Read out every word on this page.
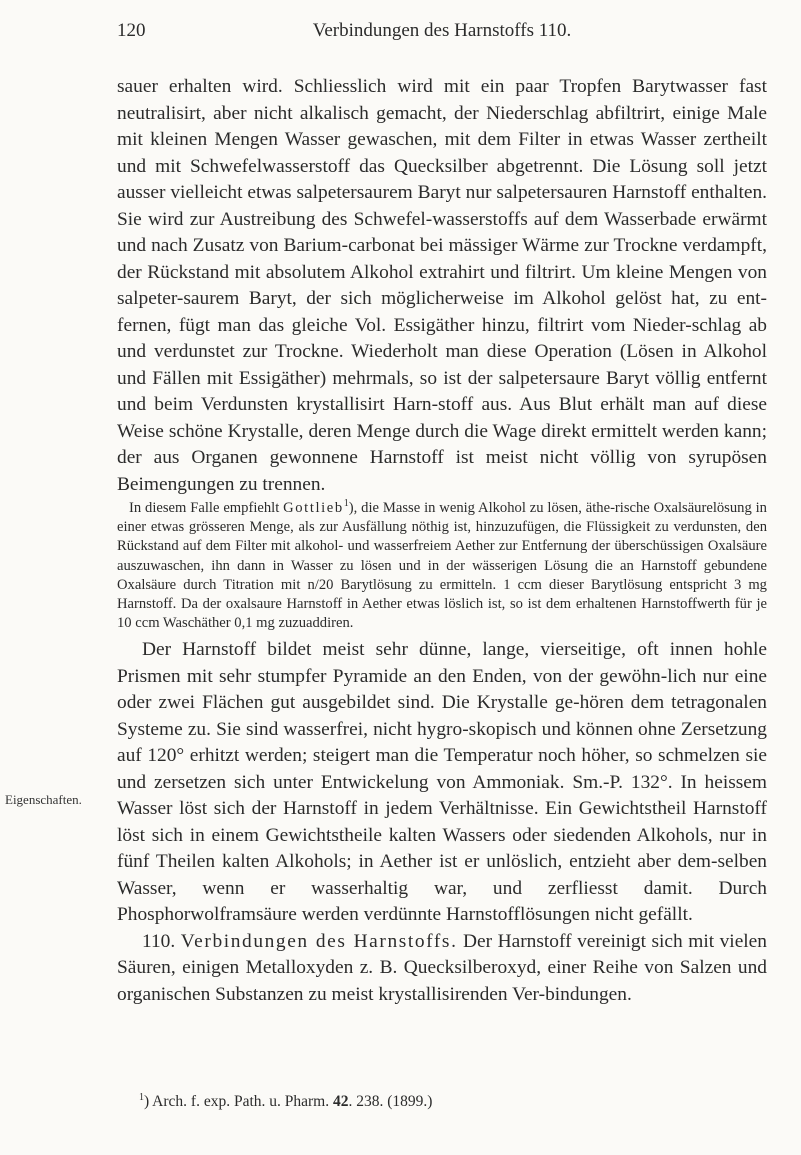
120	Verbindungen des Harnstoffs 110.
Eigenschaften.

sauer erhalten wird. Schliesslich wird mit ein paar Tropfen Barytwasser fast neutralisirt, aber nicht alkalisch gemacht, der Niederschlag abfiltrirt, einige Male mit kleinen Mengen Wasser gewaschen, mit dem Filter in etwas Wasser zertheilt und mit Schwefelwasserstoff das Quecksilber abgetrennt. Die Lösung soll jetzt ausser vielleicht etwas salpetersaurem Baryt nur salpetersauren Harnstoff enthalten. Sie wird zur Austreibung des Schwefel-wasserstoffs auf dem Wasserbade erwärmt und nach Zusatz von Barium-carbonat bei mässiger Wärme zur Trockne verdampft, der Rückstand mit absolutem Alkohol extrahirt und filtrirt. Um kleine Mengen von salpeter-saurem Baryt, der sich möglicherweise im Alkohol gelöst hat, zu ent-fernen, fügt man das gleiche Vol. Essigäther hinzu, filtrirt vom Nieder-schlag ab und verdunstet zur Trockne. Wiederholt man diese Operation (Lösen in Alkohol und Fällen mit Essigäther) mehrmals, so ist der salpetersaure Baryt völlig entfernt und beim Verdunsten krystallisirt Harn-stoff aus. Aus Blut erhält man auf diese Weise schöne Krystalle, deren Menge durch die Wage direkt ermittelt werden kann; der aus Organen gewonnene Harnstoff ist meist nicht völlig von syrupösen Beimengungen zu trennen.

In diesem Falle empfiehlt Gottlieb$^1$), die Masse in wenig Alkohol zu lösen, äthe-rische Oxalsäurelösung in einer etwas grösseren Menge, als zur Ausfällung nöthig ist, hinzuzufügen, die Flüssigkeit zu verdunsten, den Rückstand auf dem Filter mit alkohol- und wasserfreiem Aether zur Entfernung der überschüssigen Oxalsäure auszuwaschen, ihn dann in Wasser zu lösen und in der wässerigen Lösung die an Harnstoff gebundene Oxalsäure durch Titration mit n/20 Barytlösung zu ermitteln. 1 ccm dieser Barytlösung entspricht 3 mg Harnstoff. Da der oxalsaure Harnstoff in Aether etwas löslich ist, so ist dem erhaltenen Harnstoffwerth für je 10 ccm Waschäther 0,1 mg zuzuaddiren.

Der Harnstoff bildet meist sehr dünne, lange, vierseitige, oft innen hohle Prismen mit sehr stumpfer Pyramide an den Enden, von der gewöhn-lich nur eine oder zwei Flächen gut ausgebildet sind. Die Krystalle ge-hören dem tetragonalen Systeme zu. Sie sind wasserfrei, nicht hygro-skopisch und können ohne Zersetzung auf 120° erhitzt werden; steigert man die Temperatur noch höher, so schmelzen sie und zersetzen sich unter Entwickelung von Ammoniak. Sm.-P. 132°. In heissem Wasser löst sich der Harnstoff in jedem Verhältnisse. Ein Gewichtstheil Harnstoff löst sich in einem Gewichtstheile kalten Wassers oder siedenden Alkohols, nur in fünf Theilen kalten Alkohols; in Aether ist er unlöslich, entzieht aber dem-selben Wasser, wenn er wasserhaltig war, und zerfliesst damit. Durch Phosphorwolframsäure werden verdünnte Harnstofflösungen nicht gefällt.

110. Verbindungen des Harnstoffs. Der Harnstoff vereinigt sich mit vielen Säuren, einigen Metalloxyden z. B. Quecksilberoxyd, einer Reihe von Salzen und organischen Substanzen zu meist krystallisirenden Ver-bindungen.

$^1$) Arch. f. exp. Path. u. Pharm. 42. 238. (1899.)
